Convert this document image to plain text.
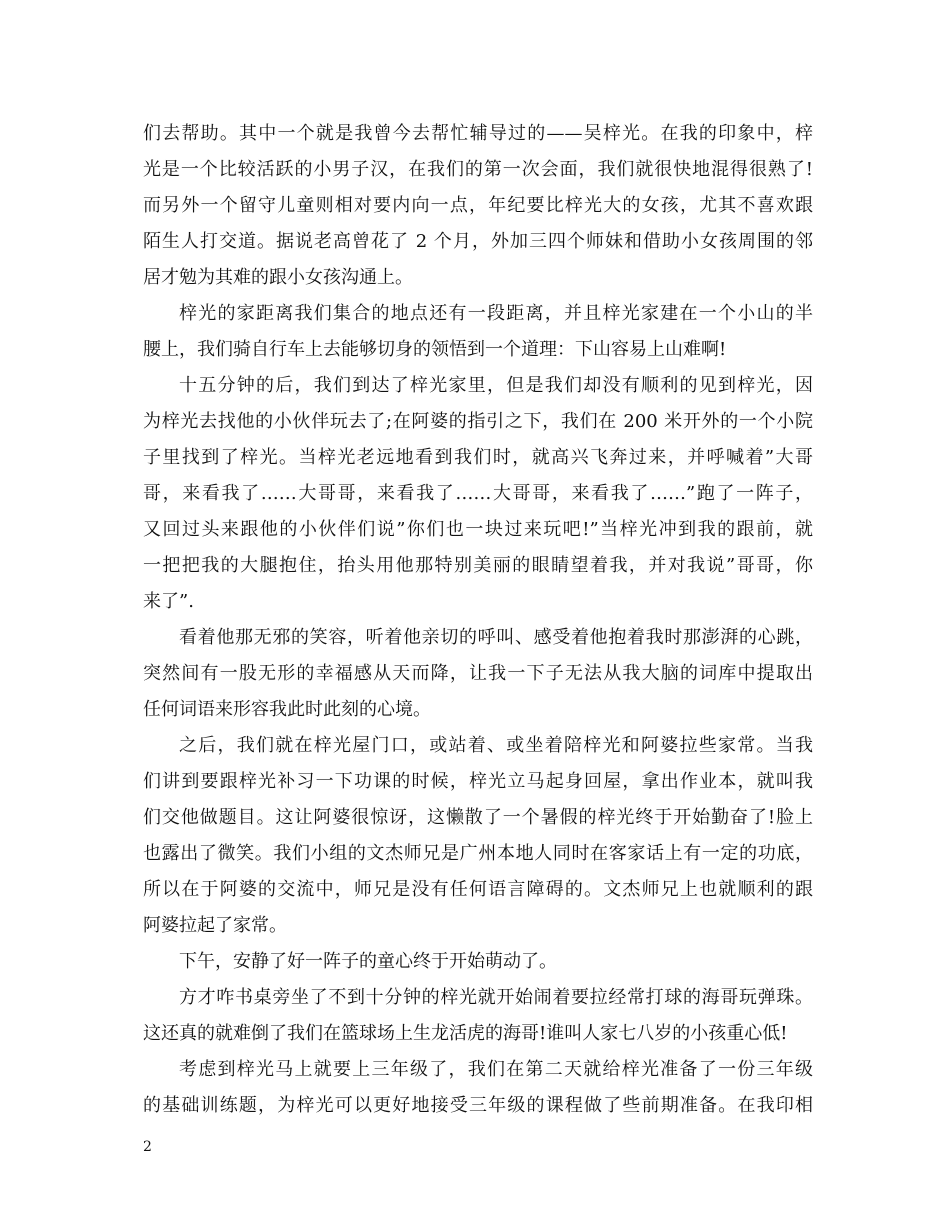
们去帮助。其中一个就是我曾今去帮忙辅导过的——吴梓光。在我的印象中，梓
光是一个比较活跃的小男子汉，在我们的第一次会面，我们就很快地混得很熟了!
而另外一个留守儿童则相对要内向一点，年纪要比梓光大的女孩，尤其不喜欢跟
陌生人打交道。据说老高曾花了 2 个月，外加三四个师妹和借助小女孩周围的邻
居才勉为其难的跟小女孩沟通上。
梓光的家距离我们集合的地点还有一段距离，并且梓光家建在一个小山的半
腰上，我们骑自行车上去能够切身的领悟到一个道理：下山容易上山难啊!
十五分钟的后，我们到达了梓光家里，但是我们却没有顺利的见到梓光，因
为梓光去找他的小伙伴玩去了;在阿婆的指引之下，我们在 200 米开外的一个小院
子里找到了梓光。当梓光老远地看到我们时，就高兴飞奔过来，并呼喊着”大哥
哥，来看我了……大哥哥，来看我了……大哥哥，来看我了……”跑了一阵子，
又回过头来跟他的小伙伴们说”你们也一块过来玩吧!”当梓光冲到我的跟前，就
一把把我的大腿抱住，抬头用他那特别美丽的眼睛望着我，并对我说”哥哥，你
来了”.
看着他那无邪的笑容，听着他亲切的呼叫、感受着他抱着我时那澎湃的心跳，
突然间有一股无形的幸福感从天而降，让我一下子无法从我大脑的词库中提取出
任何词语来形容我此时此刻的心境。
之后，我们就在梓光屋门口，或站着、或坐着陪梓光和阿婆拉些家常。当我
们讲到要跟梓光补习一下功课的时候，梓光立马起身回屋，拿出作业本，就叫我
们交他做题目。这让阿婆很惊讶，这懒散了一个暑假的梓光终于开始勤奋了!脸上
也露出了微笑。我们小组的文杰师兄是广州本地人同时在客家话上有一定的功底，
所以在于阿婆的交流中，师兄是没有任何语言障碍的。文杰师兄上也就顺利的跟
阿婆拉起了家常。
下午，安静了好一阵子的童心终于开始萌动了。
方才咋书桌旁坐了不到十分钟的梓光就开始闹着要拉经常打球的海哥玩弹珠。
这还真的就难倒了我们在篮球场上生龙活虎的海哥!谁叫人家七八岁的小孩重心低!
考虑到梓光马上就要上三年级了，我们在第二天就给梓光准备了一份三年级
的基础训练题，为梓光可以更好地接受三年级的课程做了些前期准备。在我印相
2
